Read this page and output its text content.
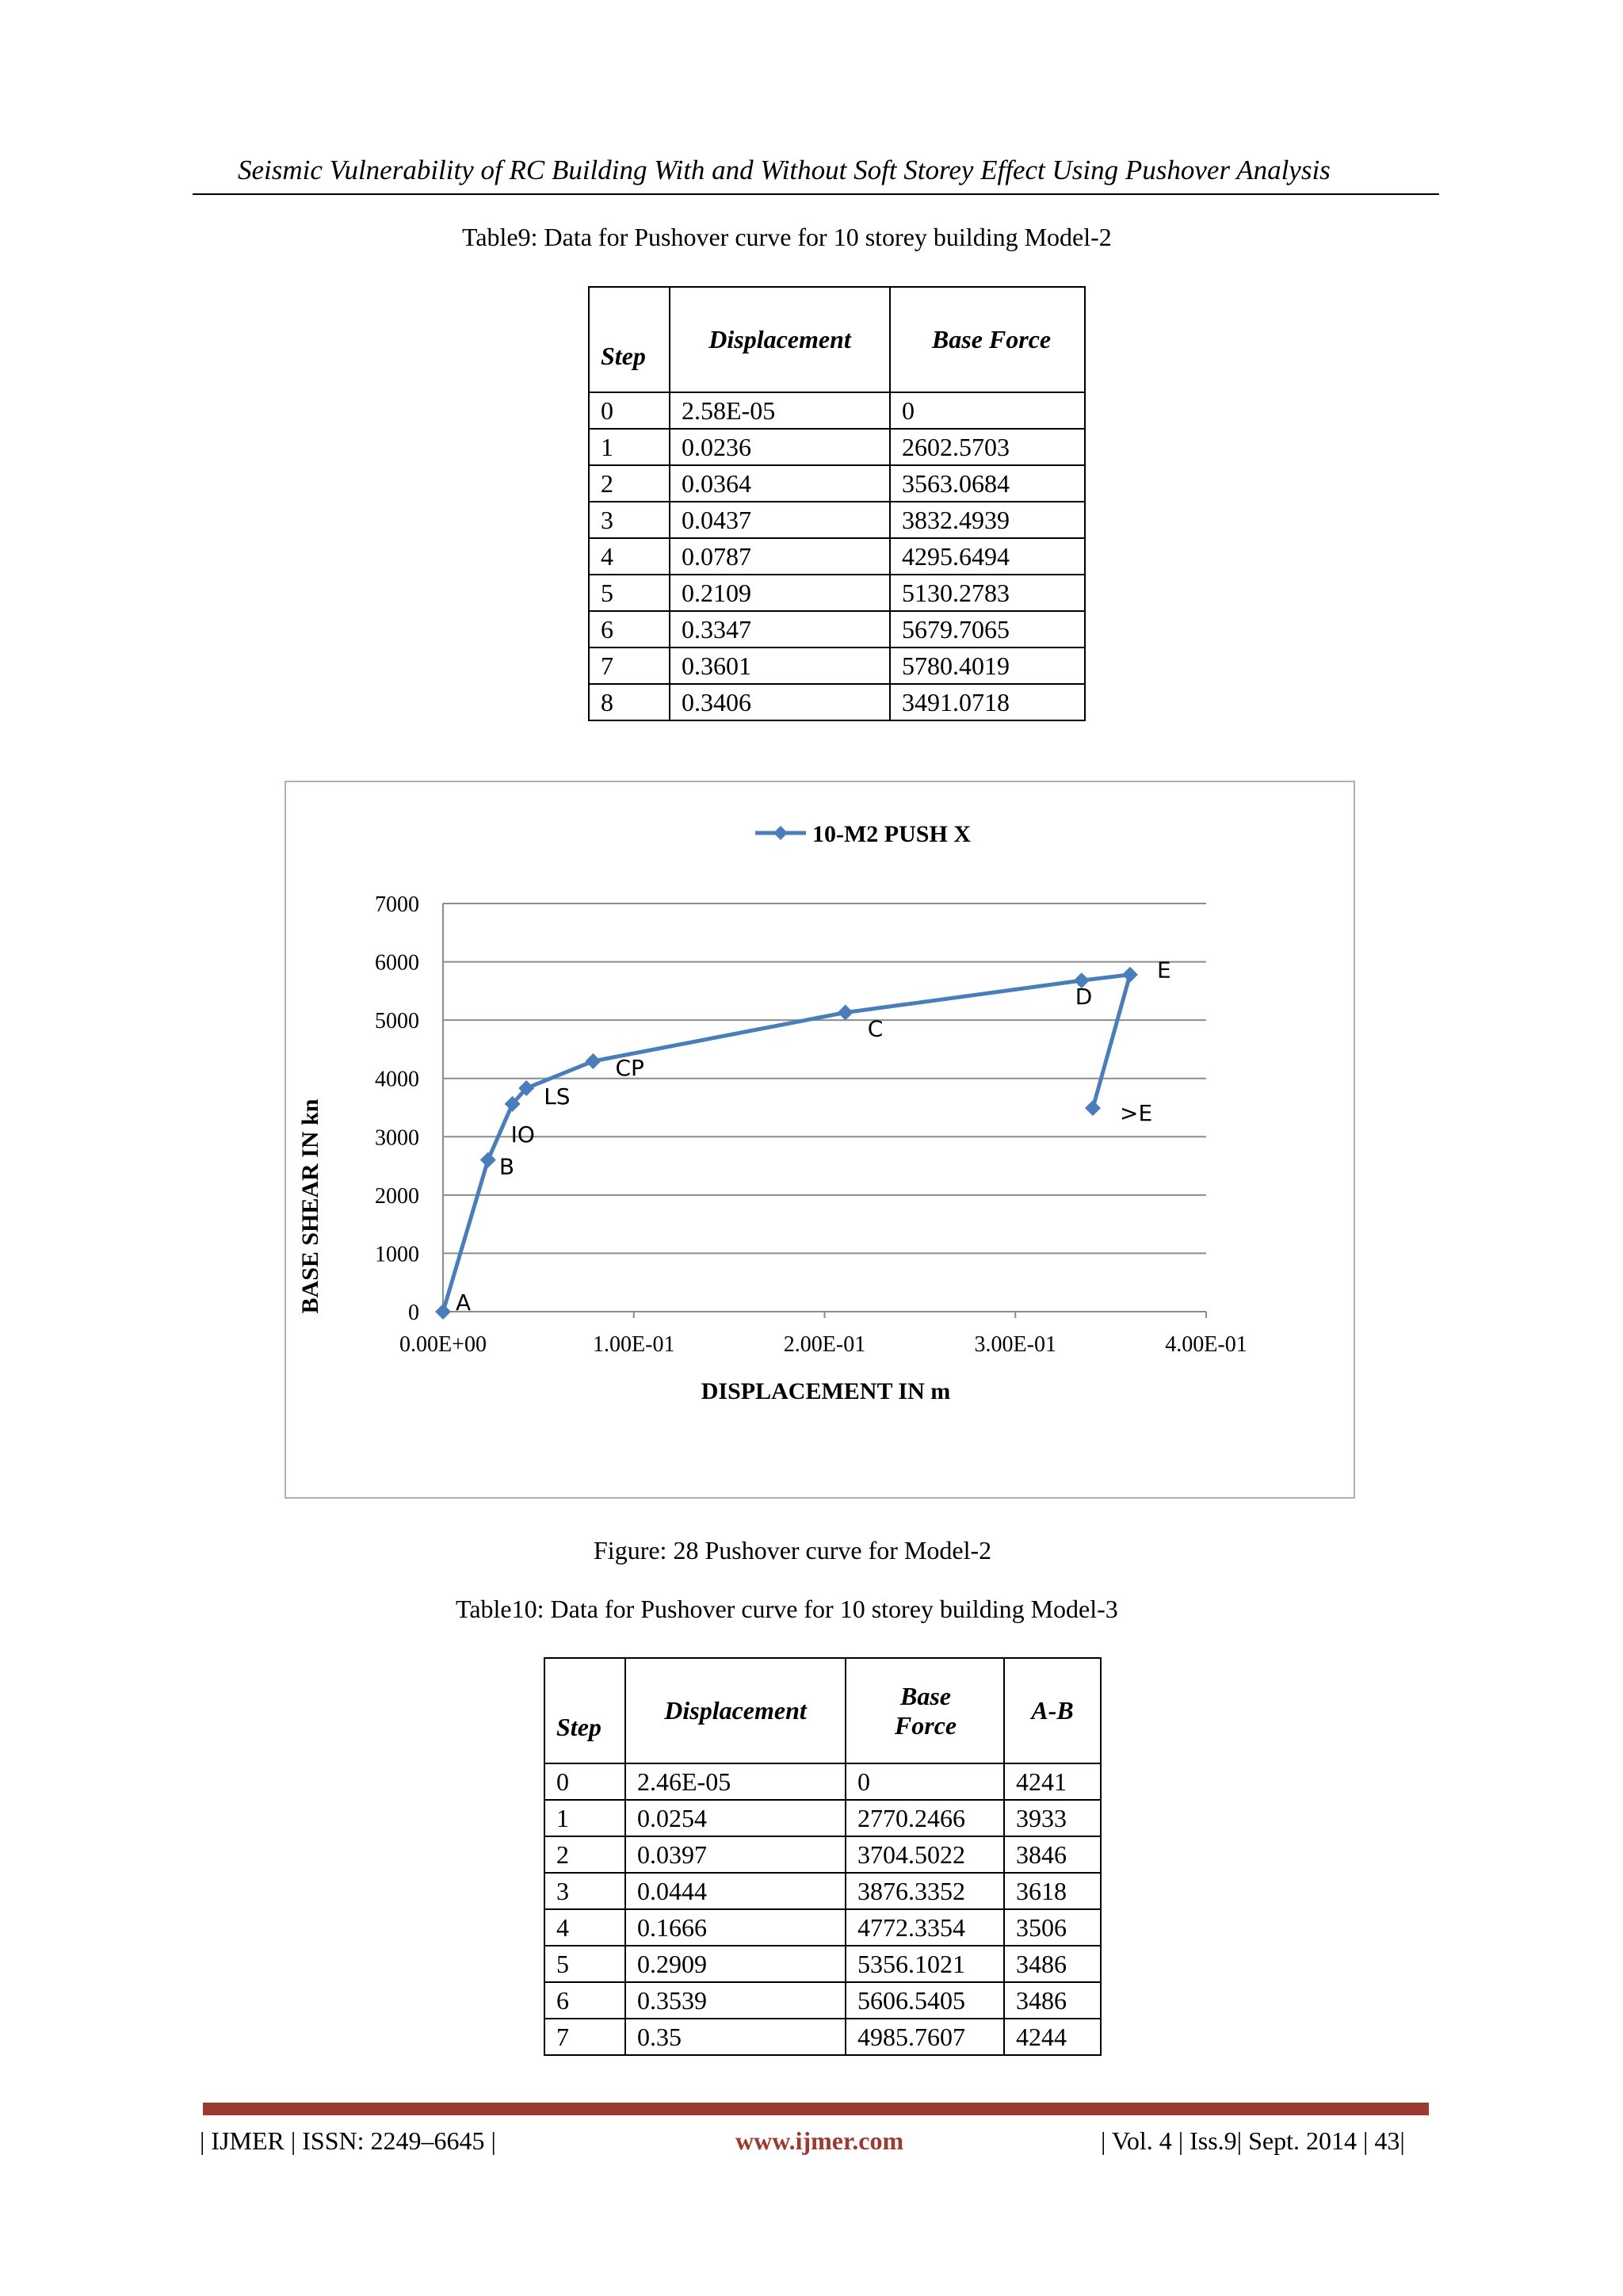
Seismic Vulnerability of RC Building With and Without Soft Storey Effect Using Pushover Analysis
Table9: Data for Pushover curve for 10 storey building Model-2
Step	Displacement	Base Force
0	2.58E-05	0
1	0.0236	2602.5703
2	0.0364	3563.0684
3	0.0437	3832.4939
4	0.0787	4295.6494
5	0.2109	5130.2783
6	0.3347	5679.7065
7	0.3601	5780.4019
8	0.3406	3491.0718
0
1000
2000
3000
4000
5000
6000
7000
0.00E+00	1.00E-01	2.00E-01	3.00E-01	4.00E-01
A
B
IO
LS
CP
C
D
E
>E
10-M2 PUSH X
BASE SHEAR IN kn
DISPLACEMENT IN m
Figure: 28 Pushover curve for Model-2
Table10: Data for Pushover curve for 10 storey building Model-3
Step	Displacement	Base Force	A-B
0	2.46E-05	0	4241
1	0.0254	2770.2466	3933
2	0.0397	3704.5022	3846
3	0.0444	3876.3352	3618
4	0.1666	4772.3354	3506
5	0.2909	5356.1021	3486
6	0.3539	5606.5405	3486
7	0.35	4985.7607	4244
| IJMER | ISSN: 2249–6645 |	www.ijmer.com	| Vol. 4 | Iss.9| Sept. 2014 | 43|
